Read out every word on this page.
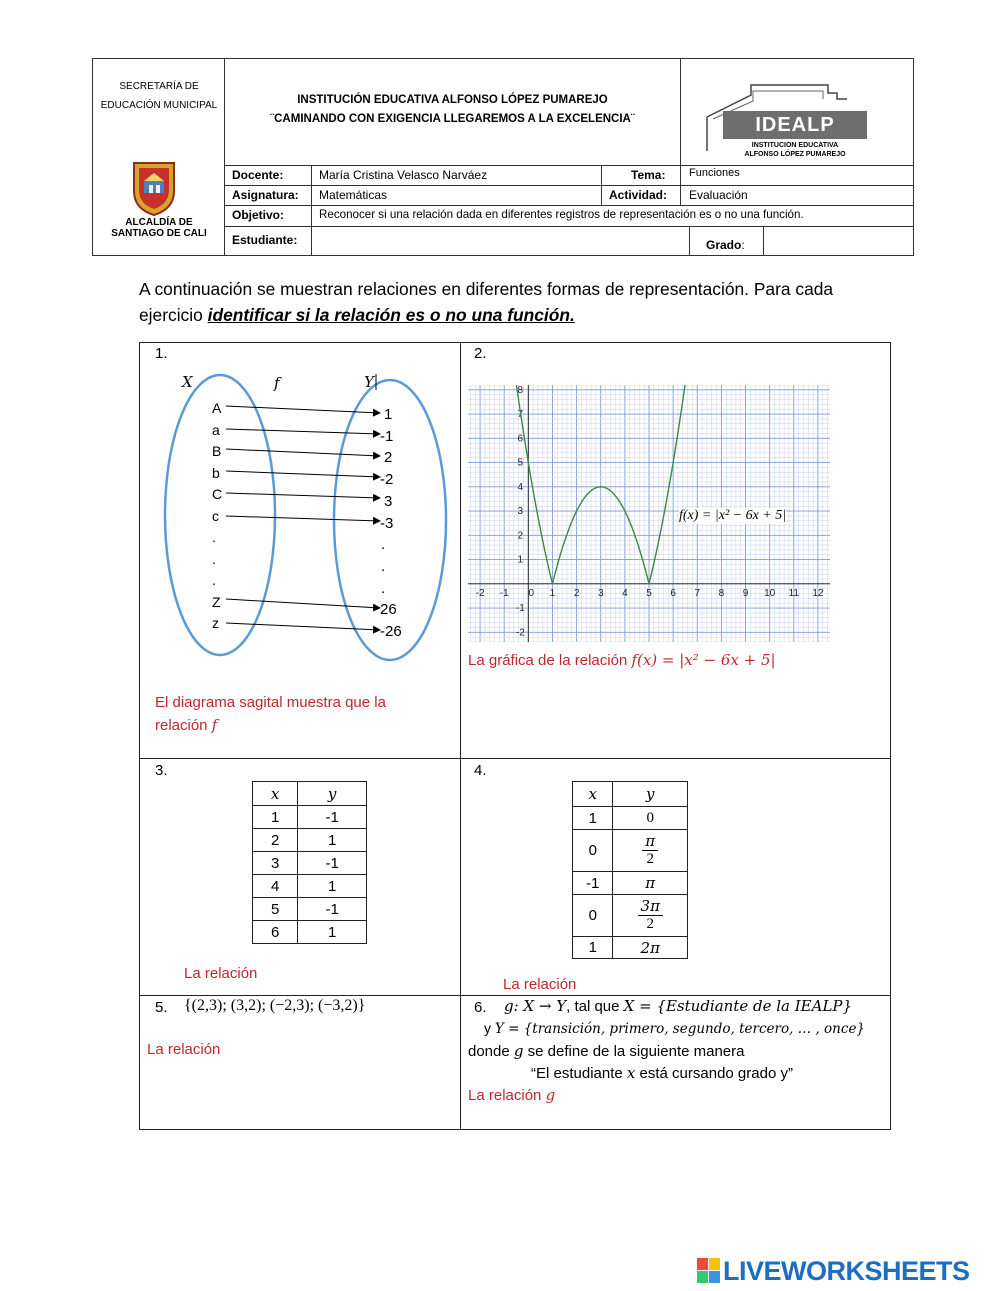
SECRETARÍA DE
EDUCACIÓN MUNICIPAL
ALCALDÍA DE
SANTIAGO DE CALI
INSTITUCIÓN EDUCATIVA ALFONSO LÓPEZ PUMAREJO
¨CAMINANDO CON EXIGENCIA LLEGAREMOS A LA EXCELENCIA¨	IDEALP
INSTITUCION EDUCATIVA
ALFONSO LÓPEZ PUMAREJO
Docente:	María Cristina Velasco Narváez	Tema: Funciones
Asignatura: Matemáticas	Actividad: Evaluación
Objetivo:	Reconocer si una relación dada en diferentes registros de representación es o no una función.
Estudiante:	Grado:
A continuación se muestran relaciones en diferentes formas de representación. Para cada
ejercicio identificar si la relación es o no una función.
1.
X	f	Y
A
a
B
b
C
c
.
.
.
Z
z
1
-1
2
-2
3
-3
.
.
.
26
-26
El diagrama sagital muestra que la
relación f
2.
-2 -1 0 1 2 3 4 5 6 7 8 9 10 11 12
-2
-1
1
2
3
4
5
6
7
8
f(x) = |x² − 6x + 5|
La gráfica de la relación f(x) = |x² − 6x + 5|
3.
x	y
1	-1
2	1
3	-1
4	1
5	-1
6	1
La relación
4.
x	y
1	0
0	$\frac{\pi}{2}$

-1	π
0	$\frac{3\pi}{2}$

1	2π
La relación
5. {(2,3); (3,2); (−2,3); (−3,2)}
La relación
6. g: X → Y, tal que X = {Estudiante de la IEALP}
y Y = {transición, primero, segundo, tercero, … , once}
donde g se define de la siguiente manera
“El estudiante x está cursando grado y”
La relación g
LIVEWORKSHEETS
